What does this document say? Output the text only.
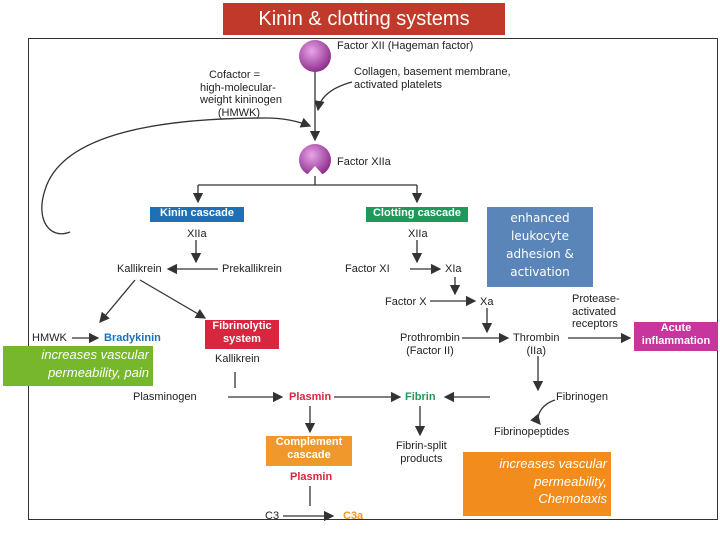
Kinin & clotting systems
Factor XII (Hageman factor)
Cofactor =
high-molecular-
weight kininogen
(HMWK)
Collagen, basement membrane,
activated platelets
Factor XIIa
Kinin cascade	Clotting cascade
XIIa	XIIa
Kallikrein	Prekallikrein	Factor XI	XIa
Factor X	Xa
HMWK	Bradykinin
Fibrinolytic
system
Kallikrein
Prothrombin
(Factor II)
Thrombin
(IIa)
Protease-
activated
receptors	Acute
inflammation
Plasminogen	Plasmin	Fibrin	Fibrinogen
Fibrinopeptides
Fibrin-split
products
Complement
cascade
Plasmin
C3	C3a
increases vascular
permeability, pain
enhanced
leukocyte
adhesion &
activation
increases vascular
permeability,
Chemotaxis
